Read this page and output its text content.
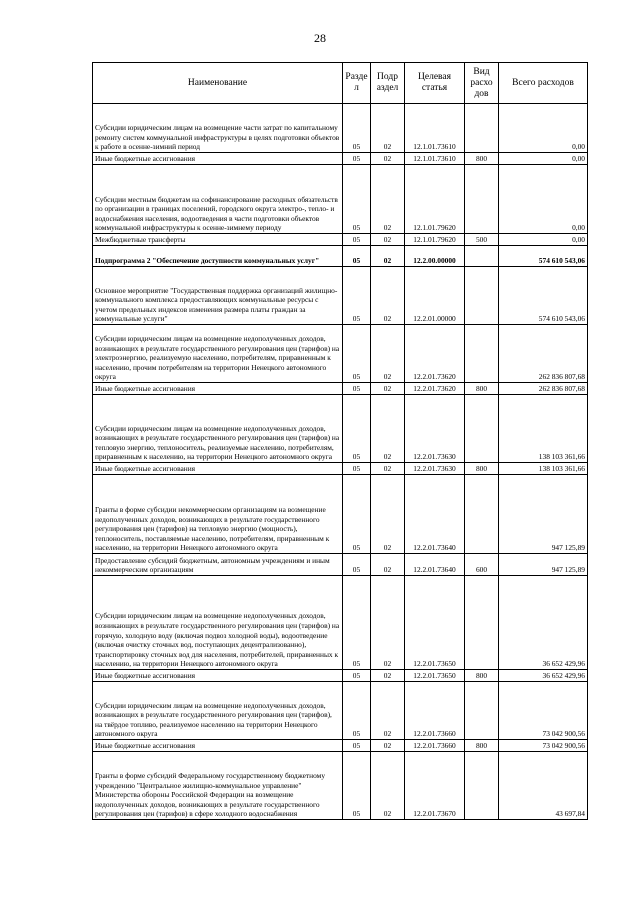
28
Наименование	Разде л	Подр аздел	Целевая статья	Вид расхо дов	Всего расходов
Субсидии юридическим лицам на возмещение части затрат по капитальному ремонту систем коммунальной инфраструктуры в целях подготовки объектов к работе в осенне-зимний период	05	02	12.1.01.73610		0,00
Иные бюджетные ассигнования	05	02	12.1.01.73610	800	0,00
Субсидии местным бюджетам на софинансирование расходных обязательств по организации в границах поселений, городского округа электро-, тепло- и водоснабжения населения, водоотведения в части подготовки объектов коммунальной инфраструктуры к осенне-зимнему периоду	05	02	12.1.01.79620		0,00
Межбюджетные трансферты	05	02	12.1.01.79620	500	0,00
Подпрограмма 2 "Обеспечение доступности коммунальных услуг"	05	02	12.2.00.00000		574 610 543,06
Основное мероприятие "Государственная поддержка организаций жилищно-коммунального комплекса предоставляющих коммунальные ресурсы с учетом предельных индексов изменения размера платы граждан за коммунальные услуги"	05	02	12.2.01.00000		574 610 543,06
Субсидии юридическим лицам на возмещение недополученных доходов, возникающих в результате государственного регулирования цен (тарифов) на электроэнергию, реализуемую населению, потребителям, приравненным к населению, прочим потребителям на территории Ненецкого автономного округа	05	02	12.2.01.73620		262 836 807,68
Иные бюджетные ассигнования	05	02	12.2.01.73620	800	262 836 807,68
Субсидии юридическим лицам на возмещение недополученных доходов, возникающих в результате государственного регулирования цен (тарифов) на тепловую энергию, теплоноситель, реализуемые населению, потребителям, приравненным к населению, на территории Ненецкого автономного округа	05	02	12.2.01.73630		138 103 361,66
Иные бюджетные ассигнования	05	02	12.2.01.73630	800	138 103 361,66
Гранты в форме субсидии некоммерческим организациям на возмещение недополученных доходов, возникающих в результате государственного регулирования цен (тарифов) на тепловую энергию (мощность), теплоноситель, поставляемые населению, потребителям, приравненным к населению, на территории Ненецкого автономного округа	05	02	12.2.01.73640		947 125,89
Предоставление субсидий бюджетным, автономным учреждениям и иным некоммерческим организациям	05	02	12.2.01.73640	600	947 125,89
Субсидии юридическим лицам на возмещение недополученных доходов, возникающих в результате государственного регулирования цен (тарифов) на горячую, холодную воду (включая подвоз холодной воды), водоотведение (включая очистку сточных вод, поступающих децентрализованно), транспортировку сточных вод для населения, потребителей, приравненных к населению, на территории Ненецкого автономного округа	05	02	12.2.01.73650		36 652 429,96
Иные бюджетные ассигнования	05	02	12.2.01.73650	800	36 652 429,96
Субсидии юридическим лицам на возмещение недополученных доходов, возникающих в результате государственного регулирования цен (тарифов), на твёрдое топливо, реализуемое населению на территории Ненецкого автономного округа	05	02	12.2.01.73660		73 042 900,56
Иные бюджетные ассигнования	05	02	12.2.01.73660	800	73 042 900,56
Гранты в форме субсидий Федеральному государственному бюджетному учреждению "Центральное жилищно-коммунальное управление" Министерства обороны Российской Федерации на возмещение недополученных доходов, возникающих в результате государственного регулирования цен (тарифов) в сфере холодного водоснабжения	05	02	12.2.01.73670		43 697,84
